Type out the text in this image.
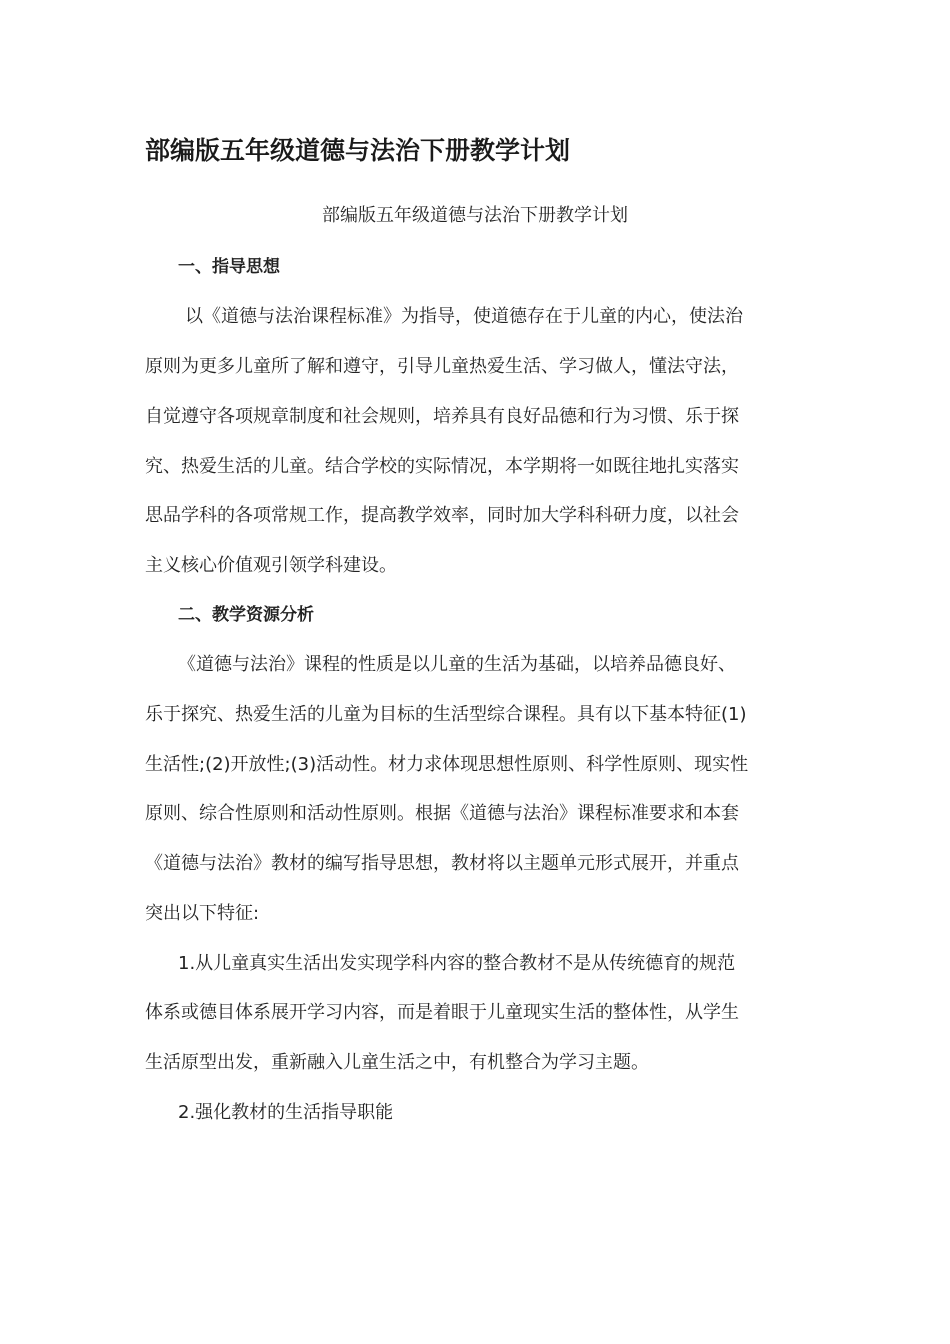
部编版五年级道德与法治下册教学计划
部编版五年级道德与法治下册教学计划
一、指导思想
以《道德与法治课程标准》为指导，使道德存在于儿童的内心，使法治
原则为更多儿童所了解和遵守，引导儿童热爱生活、学习做人，懂法守法，
自觉遵守各项规章制度和社会规则，培养具有良好品德和行为习惯、乐于探
究、热爱生活的儿童。结合学校的实际情况，本学期将一如既往地扎实落实
思品学科的各项常规工作，提高教学效率，同时加大学科科研力度，以社会
主义核心价值观引领学科建设。
二、教学资源分析
《道德与法治》课程的性质是以儿童的生活为基础，以培养品德良好、
乐于探究、热爱生活的儿童为目标的生活型综合课程。具有以下基本特征(1)
生活性;(2)开放性;(3)活动性。材力求体现思想性原则、科学性原则、现实性
原则、综合性原则和活动性原则。根据《道德与法治》课程标准要求和本套
《道德与法治》教材的编写指导思想，教材将以主题单元形式展开，并重点
突出以下特征:
1.从儿童真实生活出发实现学科内容的整合教材不是从传统德育的规范
体系或德目体系展开学习内容，而是着眼于儿童现实生活的整体性，从学生
生活原型出发，重新融入儿童生活之中，有机整合为学习主题。
2.强化教材的生活指导职能
